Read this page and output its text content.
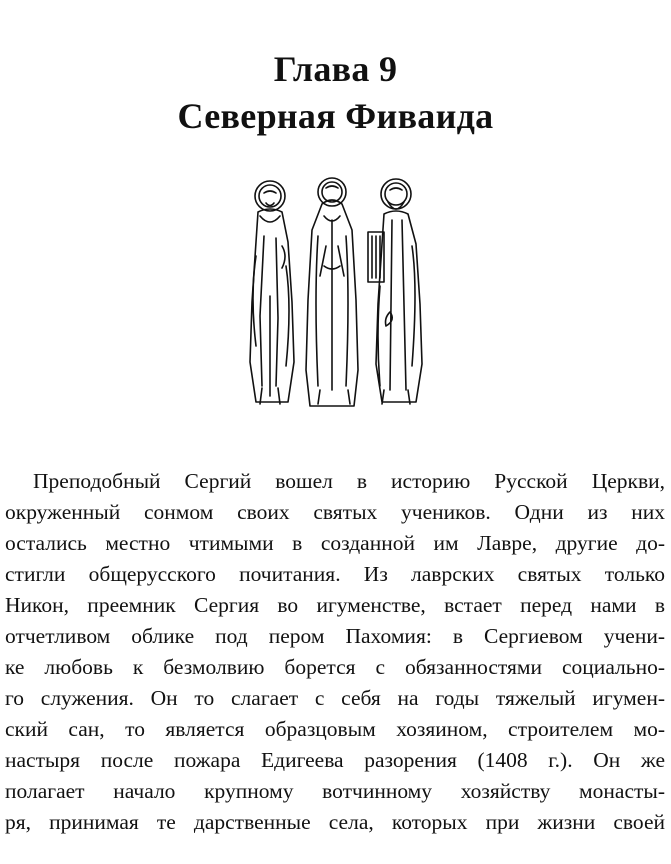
Глава 9
Северная Фиваида
Преподобный Сергий вошел в историю Русской Церкви,
окруженный сонмом своих святых учеников. Одни из них
остались местно чтимыми в созданной им Лавре, другие до-
стигли общерусского почитания. Из лаврских святых только
Никон, преемник Сергия во игуменстве, встает перед нами в
отчетливом облике под пером Пахомия: в Сергиевом учени-
ке любовь к безмолвию борется с обязанностями социально-
го служения. Он то слагает с себя на годы тяжелый игумен-
ский сан, то является образцовым хозяином, строителем мо-
настыря после пожара Едигеева разорения (1408 г.). Он же
полагает начало крупному вотчинному хозяйству монасты-
ря, принимая те дарственные села, которых при жизни своей
